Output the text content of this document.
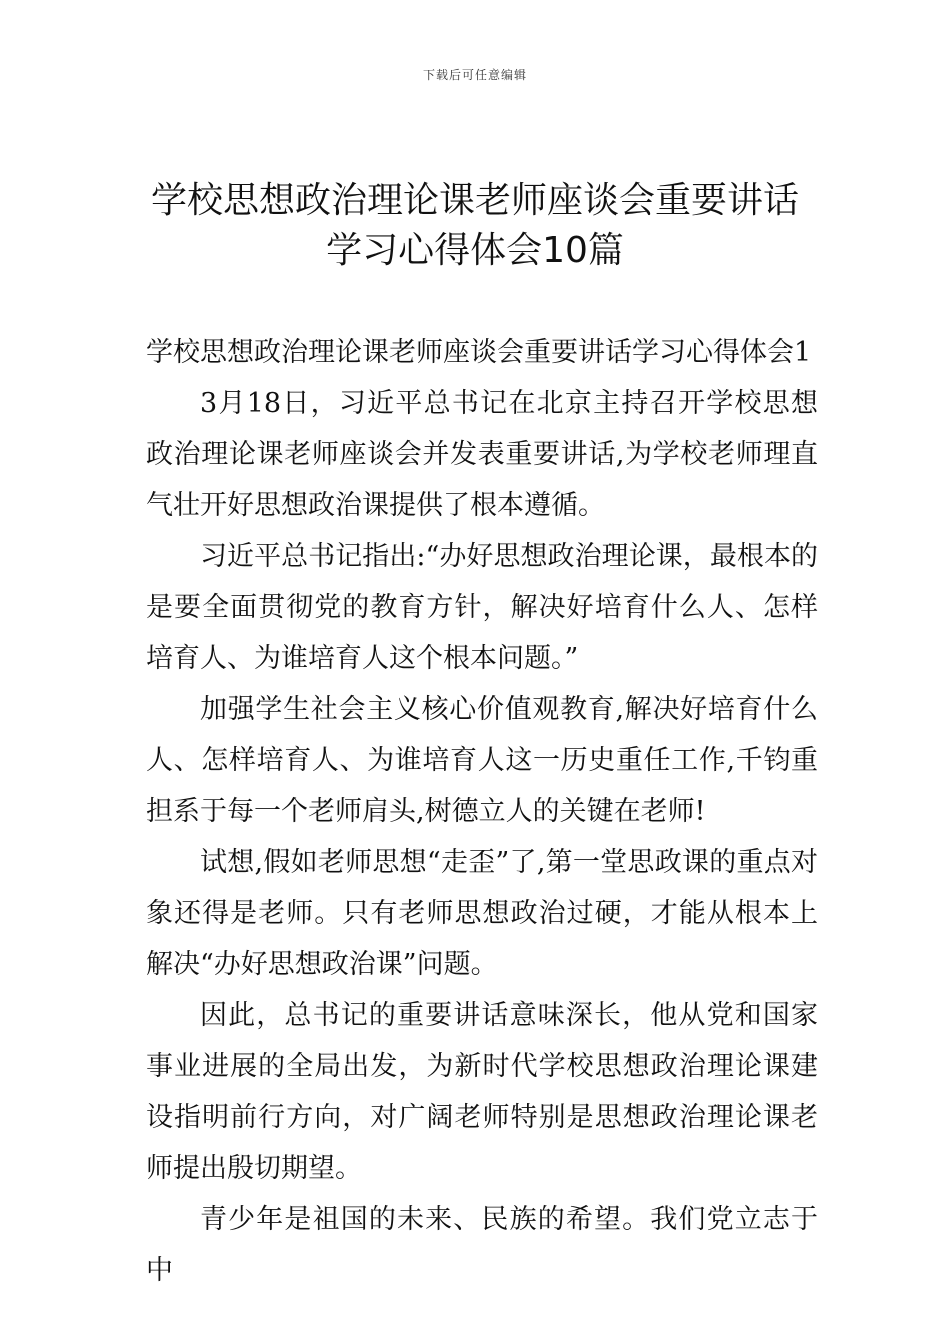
下载后可任意编辑
学校思想政治理论课老师座谈会重要讲话
学习心得体会10篇

学校思想政治理论课老师座谈会重要讲话学习心得体会1

3月18日，习近平总书记在北京主持召开学校思想政治理论课老师座谈会并发表重要讲话,为学校老师理直气壮开好思想政治课提供了根本遵循。

习近平总书记指出:“办好思想政治理论课，最根本的是要全面贯彻党的教育方针，解决好培育什么人、怎样培育人、为谁培育人这个根本问题。”

加强学生社会主义核心价值观教育,解决好培育什么人、怎样培育人、为谁培育人这一历史重任工作,千钧重担系于每一个老师肩头,树德立人的关键在老师!

试想,假如老师思想“走歪”了,第一堂思政课的重点对象还得是老师。只有老师思想政治过硬，才能从根本上解决“办好思想政治课”问题。

因此，总书记的重要讲话意味深长，他从党和国家事业进展的全局出发，为新时代学校思想政治理论课建设指明前行方向，对广阔老师特别是思想政治理论课老师提出殷切期望。

青少年是祖国的未来、民族的希望。我们党立志于中
